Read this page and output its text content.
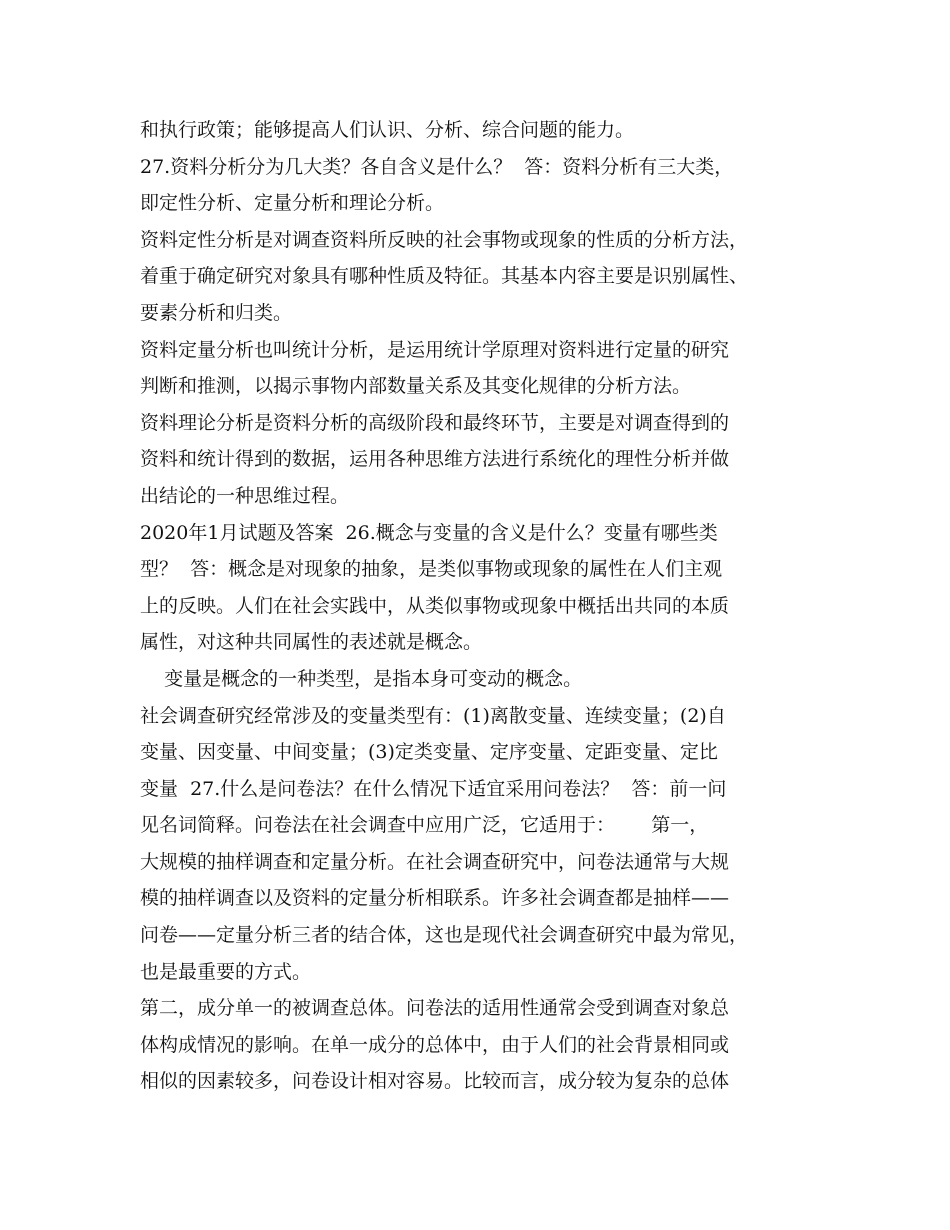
和执行政策；能够提高人们认识、分析、综合问题的能力。
27.资料分析分为几大类？各自含义是什么？  答：资料分析有三大类，
即定性分析、定量分析和理论分析。
资料定性分析是对调查资料所反映的社会事物或现象的性质的分析方法，
着重于确定研究对象具有哪种性质及特征。其基本内容主要是识别属性、
要素分析和归类。
资料定量分析也叫统计分析，是运用统计学原理对资料进行定量的研究
判断和推测，以揭示事物内部数量关系及其变化规律的分析方法。
资料理论分析是资料分析的高级阶段和最终环节，主要是对调查得到的
资料和统计得到的数据，运用各种思维方法进行系统化的理性分析并做
出结论的一种思维过程。
2020年1月试题及答案  26.概念与变量的含义是什么？变量有哪些类
型？  答：概念是对现象的抽象，是类似事物或现象的属性在人们主观
上的反映。人们在社会实践中，从类似事物或现象中概括出共同的本质
属性，对这种共同属性的表述就是概念。
变量是概念的一种类型，是指本身可变动的概念。
社会调查研究经常涉及的变量类型有：(1)离散变量、连续变量；(2)自
变量、因变量、中间变量；(3)定类变量、定序变量、定距变量、定比
变量  27.什么是问卷法？在什么情况下适宜采用问卷法？  答：前一问
见名词简释。问卷法在社会调查中应用广泛，它适用于：      第一，
大规模的抽样调查和定量分析。在社会调查研究中，问卷法通常与大规
模的抽样调查以及资料的定量分析相联系。许多社会调查都是抽样——
问卷——定量分析三者的结合体，这也是现代社会调查研究中最为常见，
也是最重要的方式。
第二，成分单一的被调查总体。问卷法的适用性通常会受到调查对象总
体构成情况的影响。在单一成分的总体中，由于人们的社会背景相同或
相似的因素较多，问卷设计相对容易。比较而言，成分较为复杂的总体
